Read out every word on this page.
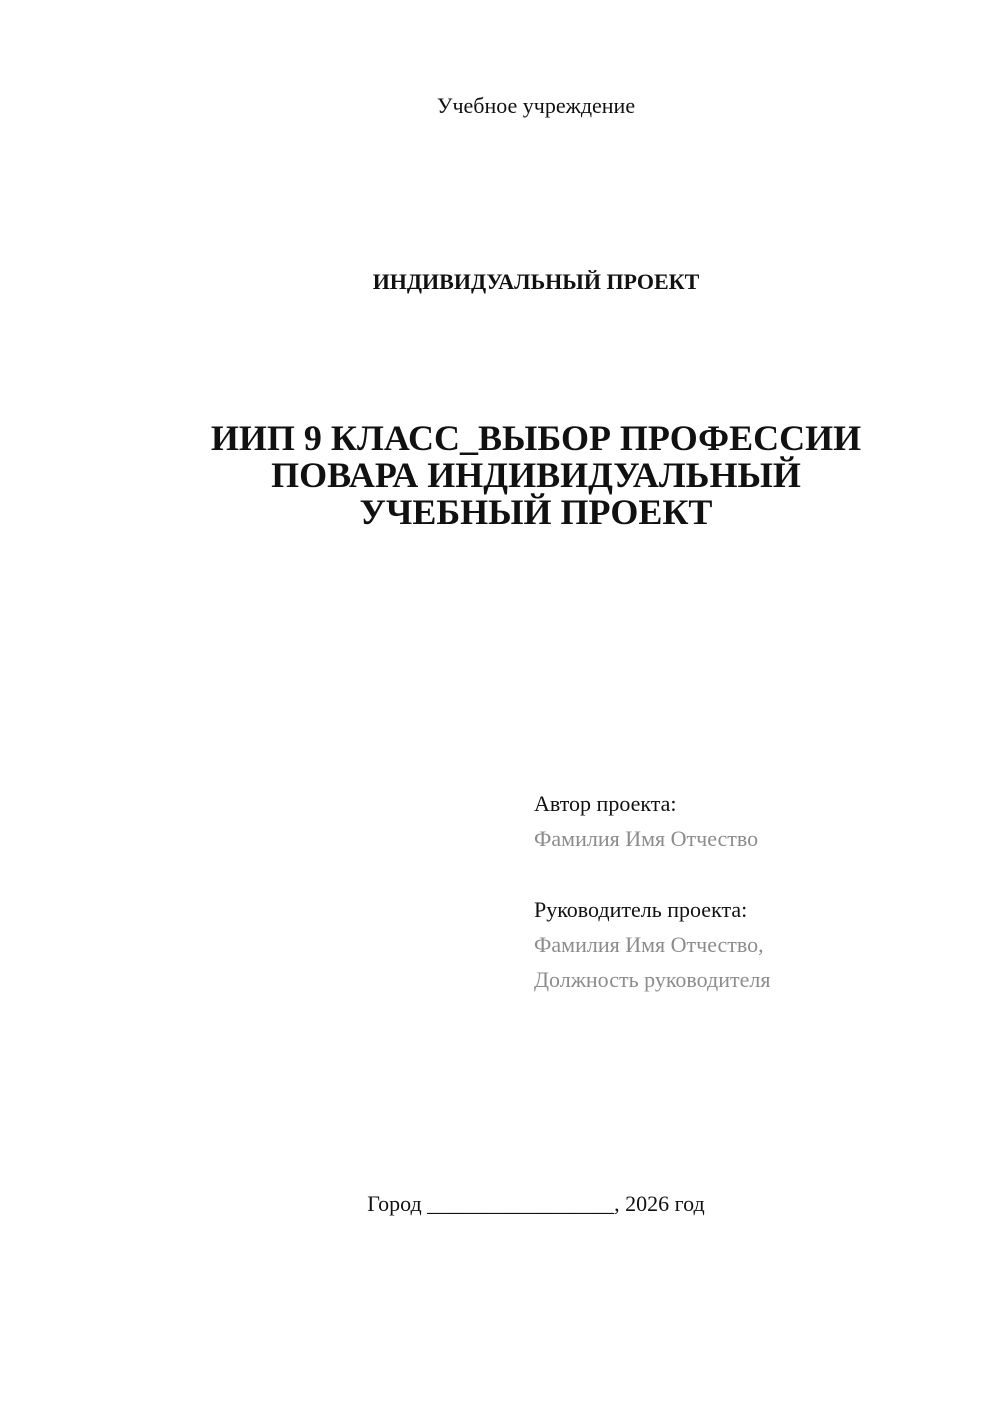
Учебное учреждение
ИНДИВИДУАЛЬНЫЙ ПРОЕКТ
ИИП 9 КЛАСС_ВЫБОР ПРОФЕССИИ
ПОВАРА ИНДИВИДУАЛЬНЫЙ
УЧЕБНЫЙ ПРОЕКТ
Автор проекта:
Фамилия Имя Отчество
Руководитель проекта:
Фамилия Имя Отчество,
Должность руководителя
Город _________________, 2026 год
